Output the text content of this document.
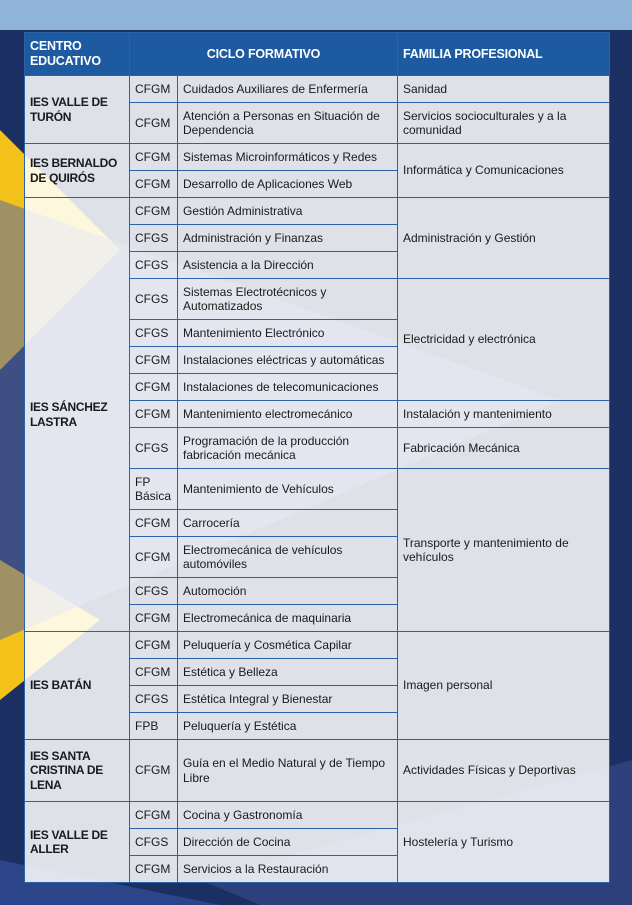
CENTRO EDUCATIVO	CICLO FORMATIVO		FAMILIA PROFESIONAL
IES VALLE DE TURÓN	CFGM	Cuidados Auxiliares de Enfermería	Sanidad
	CFGM	Atención a Personas en Situación de Dependencia	Servicios socioculturales y a la comunidad
IES BERNALDO DE QUIRÓS	CFGM	Sistemas Microinformáticos y Redes	Informática y Comunicaciones
	CFGM	Desarrollo de Aplicaciones Web	
IES SÁNCHEZ LASTRA	CFGM	Gestión Administrativa	Administración y Gestión
	CFGS	Administración y Finanzas	
	CFGS	Asistencia a la Dirección	
	CFGS	Sistemas Electrotécnicos y Automatizados	Electricidad y electrónica
	CFGS	Mantenimiento Electrónico	
	CFGM	Instalaciones eléctricas y automáticas	
	CFGM	Instalaciones de telecomunicaciones	
	CFGM	Mantenimiento electromecánico	Instalación y mantenimiento
	CFGS	Programación de la producción fabricación mecánica	Fabricación Mecánica
	FP Básica	Mantenimiento de Vehículos	Transporte y mantenimiento de vehículos
	CFGM	Carrocería	
	CFGM	Electromecánica de vehículos automóviles	
	CFGS	Automoción	
	CFGM	Electromecánica de maquinaria	
IES BATÁN	CFGM	Peluquería y Cosmética Capilar	Imagen personal
	CFGM	Estética y Belleza	
	CFGS	Estética Integral y Bienestar	
	FPB	Peluquería y Estética	
IES SANTA CRISTINA DE LENA	CFGM	Guía en el Medio Natural y de Tiempo Libre	Actividades Físicas y Deportivas
IES VALLE DE ALLER	CFGM	Cocina y Gastronomía	Hostelería y Turismo
	CFGS	Dirección de Cocina	
	CFGM	Servicios a la Restauración	
